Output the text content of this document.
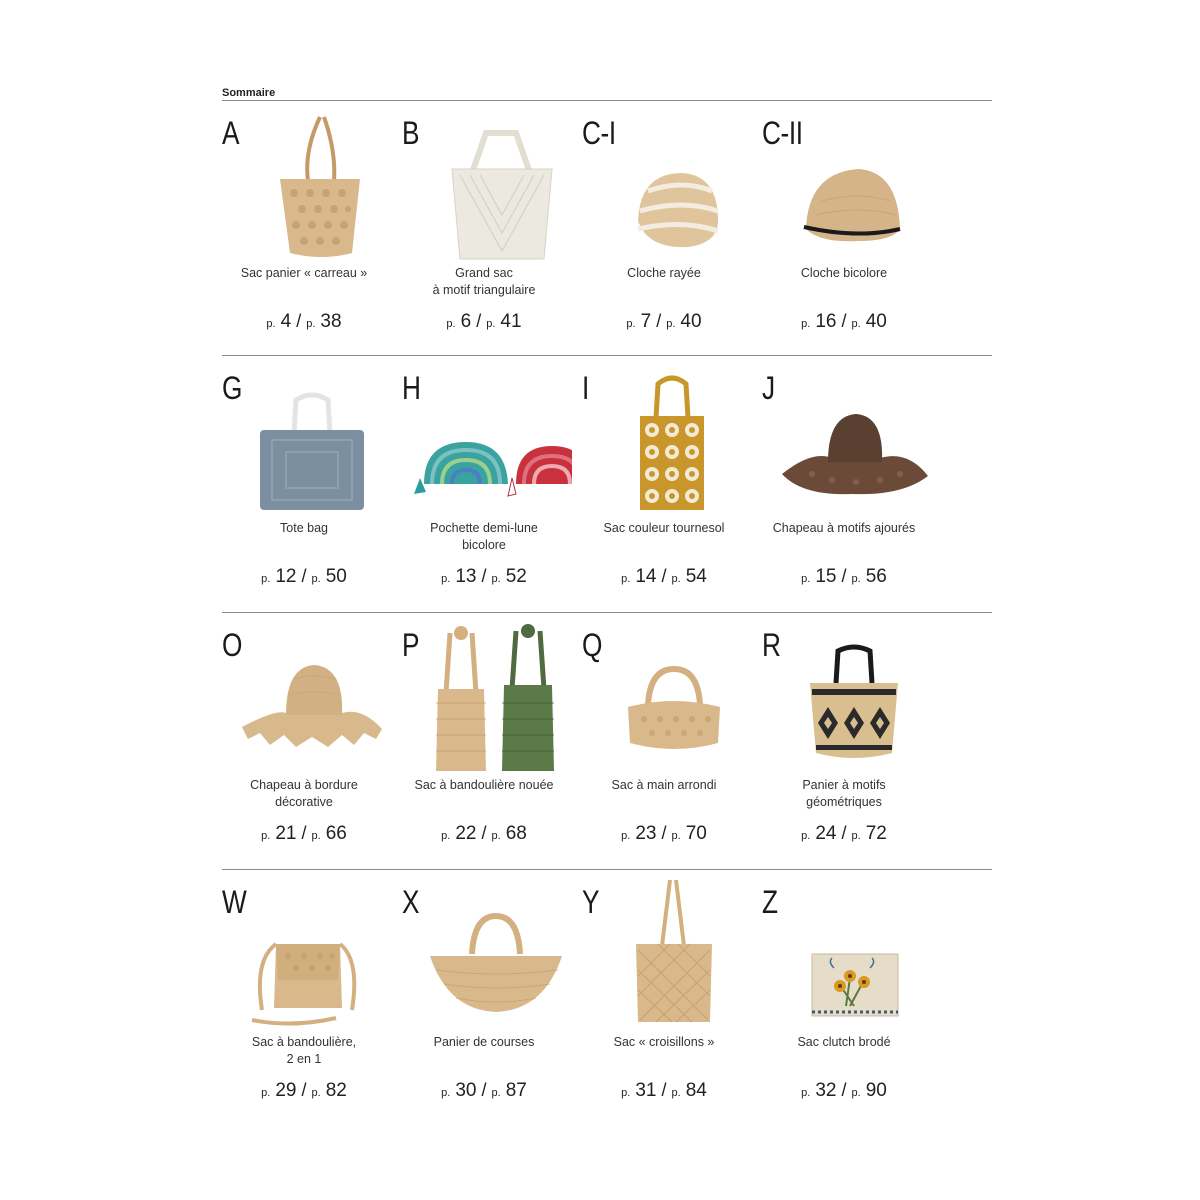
Sommaire
A
Sac panier « carreau »
p. 4 / p. 38
B
Grand sac
à motif triangulaire
p. 6 / p. 41
C-I
Cloche rayée
p. 7 / p. 40
C-II
Cloche bicolore
p. 16 / p. 40
G
Tote bag
p. 12 / p. 50
H
Pochette demi-lune
bicolore
p. 13 / p. 52
I
Sac couleur tournesol
p. 14 / p. 54
J
Chapeau à motifs ajourés
p. 15 / p. 56
O
Chapeau à bordure
décorative
p. 21 / p. 66
P
Sac à bandoulière nouée
p. 22 / p. 68
Q
Sac à main arrondi
p. 23 / p. 70
R
Panier à motifs
géométriques
p. 24 / p. 72
W
Sac à bandoulière,
2 en 1
p. 29 / p. 82
X
Panier de courses
p. 30 / p. 87
Y
Sac « croisillons »
p. 31 / p. 84
Z
Sac clutch brodé
p. 32 / p. 90
